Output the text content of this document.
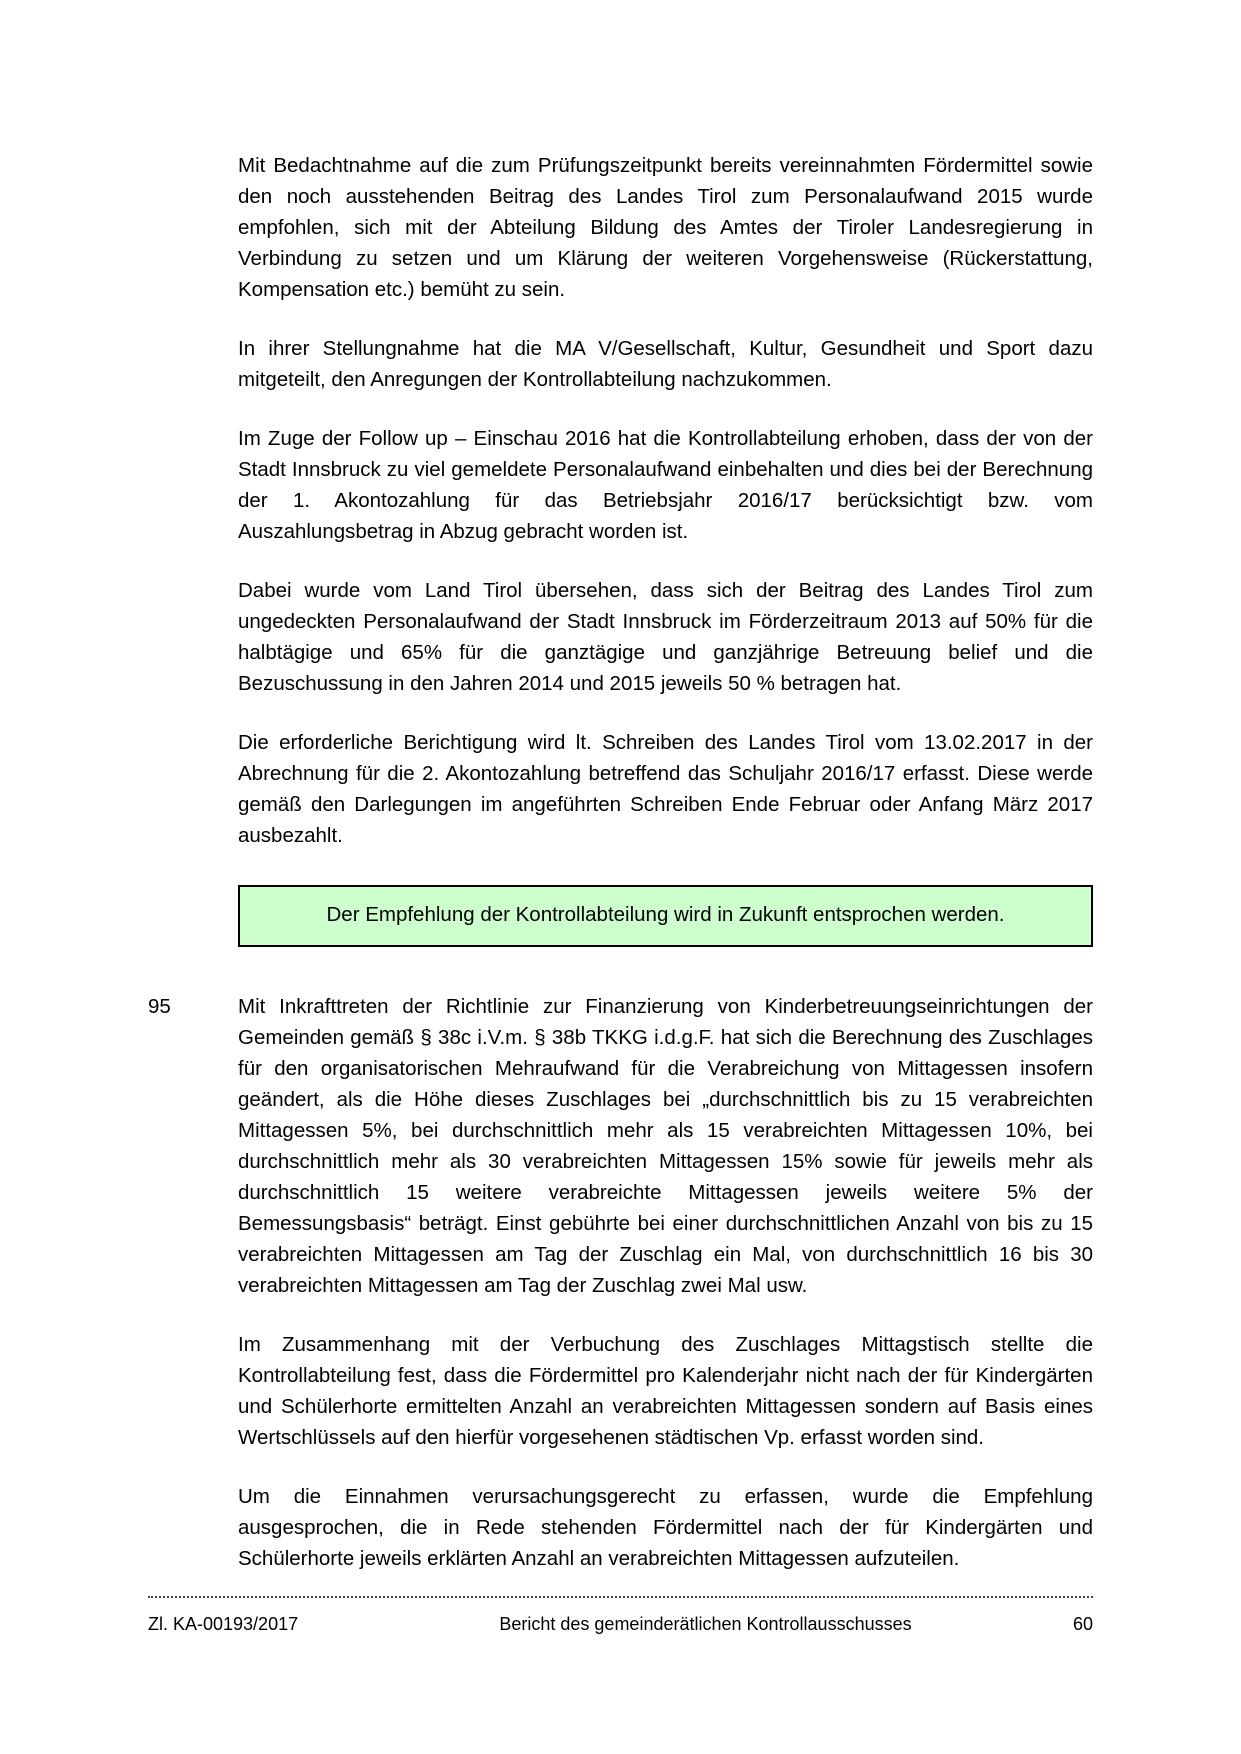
Mit Bedachtnahme auf die zum Prüfungszeitpunkt bereits vereinnahmten Fördermittel sowie den noch ausstehenden Beitrag des Landes Tirol zum Personalaufwand 2015 wurde empfohlen, sich mit der Abteilung Bildung des Amtes der Tiroler Landesregierung in Verbindung zu setzen und um Klärung der weiteren Vorgehensweise (Rückerstattung, Kompensation etc.) bemüht zu sein.
In ihrer Stellungnahme hat die MA V/Gesellschaft, Kultur, Gesundheit und Sport dazu mitgeteilt, den Anregungen der Kontrollabteilung nachzukommen.
Im Zuge der Follow up – Einschau 2016 hat die Kontrollabteilung erhoben, dass der von der Stadt Innsbruck zu viel gemeldete Personalaufwand einbehalten und dies bei der Berechnung der 1. Akontozahlung für das Betriebsjahr 2016/17 berücksichtigt bzw. vom Auszahlungsbetrag in Abzug gebracht worden ist.
Dabei wurde vom Land Tirol übersehen, dass sich der Beitrag des Landes Tirol zum ungedeckten Personalaufwand der Stadt Innsbruck im Förderzeitraum 2013 auf 50% für die halbtägige und 65% für die ganztägige und ganzjährige Betreuung belief und die Bezuschussung in den Jahren 2014 und 2015 jeweils 50 % betragen hat.
Die erforderliche Berichtigung wird lt. Schreiben des Landes Tirol vom 13.02.2017 in der Abrechnung für die 2. Akontozahlung betreffend das Schuljahr 2016/17 erfasst. Diese werde gemäß den Darlegungen im angeführten Schreiben Ende Februar oder Anfang März 2017 ausbezahlt.
Der Empfehlung der Kontrollabteilung wird in Zukunft entsprochen werden.
95	Mit Inkrafttreten der Richtlinie zur Finanzierung von Kinderbetreuungseinrichtungen der Gemeinden gemäß § 38c i.V.m. § 38b TKKG i.d.g.F. hat sich die Berechnung des Zuschlages für den organisatorischen Mehraufwand für die Verabreichung von Mittagessen insofern geändert, als die Höhe dieses Zuschlages bei „durchschnittlich bis zu 15 verabreichten Mittagessen 5%, bei durchschnittlich mehr als 15 verabreichten Mittagessen 10%, bei durchschnittlich mehr als 30 verabreichten Mittagessen 15% sowie für jeweils mehr als durchschnittlich 15 weitere verabreichte Mittagessen jeweils weitere 5% der Bemessungsbasis“ beträgt. Einst gebührte bei einer durchschnittlichen Anzahl von bis zu 15 verabreichten Mittagessen am Tag der Zuschlag ein Mal, von durchschnittlich 16 bis 30 verabreichten Mittagessen am Tag der Zuschlag zwei Mal usw.
Im Zusammenhang mit der Verbuchung des Zuschlages Mittagstisch stellte die Kontrollabteilung fest, dass die Fördermittel pro Kalenderjahr nicht nach der für Kindergärten und Schülerhorte ermittelten Anzahl an verabreichten Mittagessen sondern auf Basis eines Wertschlüssels auf den hierfür vorgesehenen städtischen Vp. erfasst worden sind.
Um die Einnahmen verursachungsgerecht zu erfassen, wurde die Empfehlung ausgesprochen, die in Rede stehenden Fördermittel nach der für Kindergärten und Schülerhorte jeweils erklärten Anzahl an verabreichten Mittagessen aufzuteilen.
Zl. KA-00193/2017	Bericht des gemeinderätlichen Kontrollausschusses	60
